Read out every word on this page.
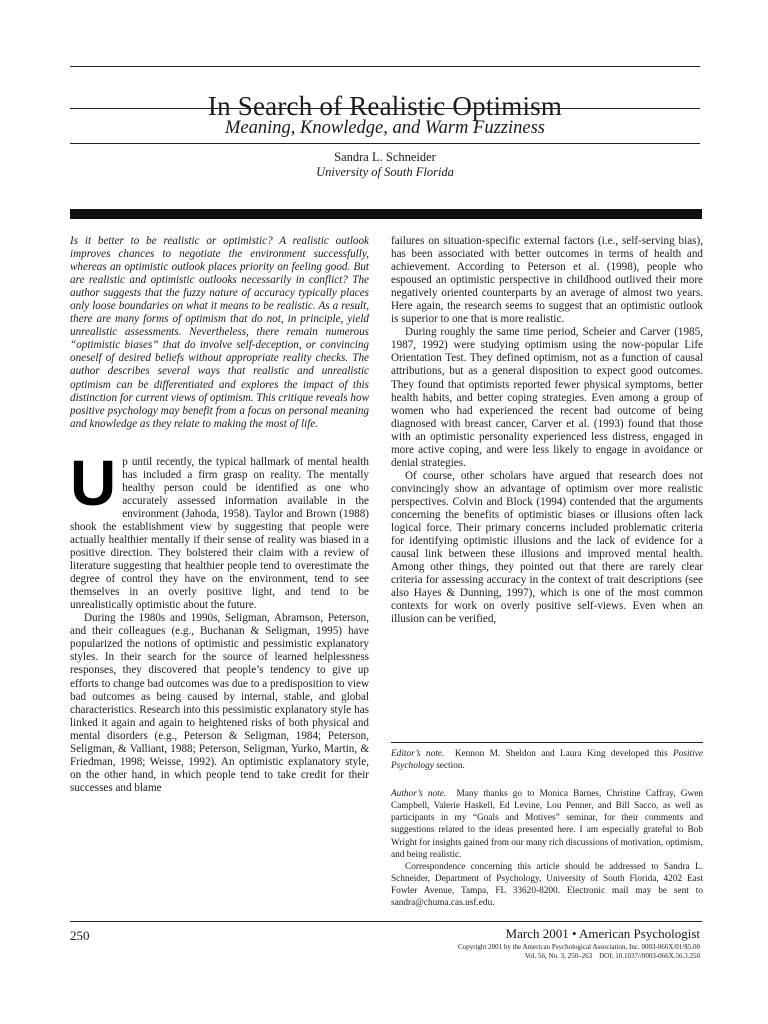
In Search of Realistic Optimism
Meaning, Knowledge, and Warm Fuzziness
Sandra L. Schneider
University of South Florida

Is it better to be realistic or optimistic? A realistic outlook improves chances to negotiate the environment successfully, whereas an optimistic outlook places priority on feeling good. But are realistic and optimistic outlooks necessarily in conflict? The author suggests that the fuzzy nature of accuracy typically places only loose boundaries on what it means to be realistic. As a result, there are many forms of optimism that do not, in principle, yield unrealistic assessments. Nevertheless, there remain numerous “optimistic biases” that do involve self-deception, or convincing oneself of desired beliefs without appropriate reality checks. The author describes several ways that realistic and unrealistic optimism can be differentiated and explores the impact of this distinction for current views of optimism. This critique reveals how positive psychology may benefit from a focus on personal meaning and knowledge as they relate to making the most of life.

Up until recently, the typical hallmark of mental health has included a firm grasp on reality. The mentally healthy person could be identified as one who accurately assessed information available in the environment (Jahoda, 1958). Taylor and Brown (1988) shook the establishment view by suggesting that people were actually healthier mentally if their sense of reality was biased in a positive direction. They bolstered their claim with a review of literature suggesting that healthier people tend to overestimate the degree of control they have on the environment, tend to see themselves in an overly positive light, and tend to be unrealistically optimistic about the future.

During the 1980s and 1990s, Seligman, Abramson, Peterson, and their colleagues (e.g., Buchanan & Seligman, 1995) have popularized the notions of optimistic and pessimistic explanatory styles. In their search for the source of learned helplessness responses, they discovered that people’s tendency to give up efforts to change bad outcomes was due to a predisposition to view bad outcomes as being caused by internal, stable, and global characteristics. Research into this pessimistic explanatory style has linked it again and again to heightened risks of both physical and mental disorders (e.g., Peterson & Seligman, 1984; Peterson, Seligman, & Valliant, 1988; Peterson, Seligman, Yurko, Martin, & Friedman, 1998; Weisse, 1992). An optimistic explanatory style, on the other hand, in which people tend to take credit for their successes and blame

failures on situation-specific external factors (i.e., self-serving bias), has been associated with better outcomes in terms of health and achievement. According to Peterson et al. (1998), people who espoused an optimistic perspective in childhood outlived their more negatively oriented counterparts by an average of almost two years. Here again, the research seems to suggest that an optimistic outlook is superior to one that is more realistic.

During roughly the same time period, Scheier and Carver (1985, 1987, 1992) were studying optimism using the now-popular Life Orientation Test. They defined optimism, not as a function of causal attributions, but as a general disposition to expect good outcomes. They found that optimists reported fewer physical symptoms, better health habits, and better coping strategies. Even among a group of women who had experienced the recent bad outcome of being diagnosed with breast cancer, Carver et al. (1993) found that those with an optimistic personality experienced less distress, engaged in more active coping, and were less likely to engage in avoidance or denial strategies.

Of course, other scholars have argued that research does not convincingly show an advantage of optimism over more realistic perspectives. Colvin and Block (1994) contended that the arguments concerning the benefits of optimistic biases or illusions often lack logical force. Their primary concerns included problematic criteria for identifying optimistic illusions and the lack of evidence for a causal link between these illusions and improved mental health. Among other things, they pointed out that there are rarely clear criteria for assessing accuracy in the context of trait descriptions (see also Hayes & Dunning, 1997), which is one of the most common contexts for work on overly positive self-views. Even when an illusion can be verified,

Editor’s note. Kennon M. Sheldon and Laura King developed this Positive Psychology section.

Author’s note. Many thanks go to Monica Barnes, Christine Caffray, Gwen Campbell, Valerie Haskell, Ed Levine, Lou Penner, and Bill Sacco, as well as participants in my “Goals and Motives” seminar, for their comments and suggestions related to the ideas presented here. I am especially grateful to Bob Wright for insights gained from our many rich discussions of motivation, optimism, and being realistic.

Correspondence concerning this article should be addressed to Sandra L. Schneider, Department of Psychology, University of South Florida, 4202 East Fowler Avenue, Tampa, FL 33620-8200. Electronic mail may be sent to sandra@chuma.cas.usf.edu.

250	March 2001 • American Psychologist
Copyright 2001 by the American Psychological Association, Inc. 0003-066X/01/$5.00
Vol. 56, No. 3, 250–263 DOI: 10.1037//0003-066X.56.3.250
